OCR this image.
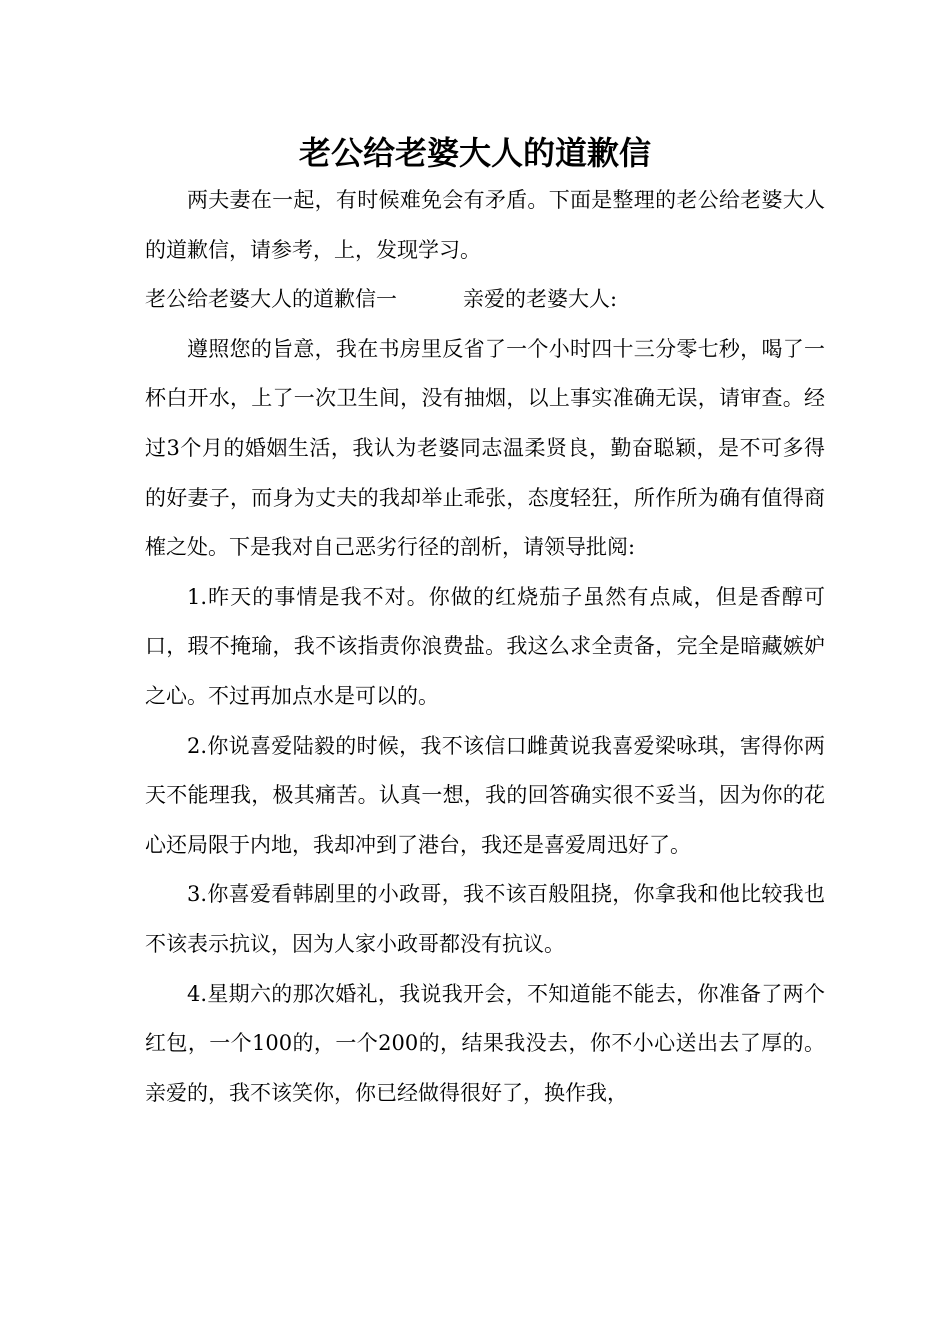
老公给老婆大人的道歉信

两夫妻在一起，有时候难免会有矛盾。下面是整理的老公给老婆大人的道歉信，请参考，上，发现学习。

老公给老婆大人的道歉信一	亲爱的老婆大人:

遵照您的旨意，我在书房里反省了一个小时四十三分零七秒，喝了一杯白开水，上了一次卫生间，没有抽烟，以上事实准确无误，请审查。经过3个月的婚姻生活，我认为老婆同志温柔贤良，勤奋聪颖，是不可多得的好妻子，而身为丈夫的我却举止乖张，态度轻狂，所作所为确有值得商榷之处。下是我对自己恶劣行径的剖析，请领导批阅:

1.昨天的事情是我不对。你做的红烧茄子虽然有点咸，但是香醇可口，瑕不掩瑜，我不该指责你浪费盐。我这么求全责备，完全是暗藏嫉妒之心。不过再加点水是可以的。

2.你说喜爱陆毅的时候，我不该信口雌黄说我喜爱梁咏琪，害得你两天不能理我，极其痛苦。认真一想，我的回答确实很不妥当，因为你的花心还局限于内地，我却冲到了港台，我还是喜爱周迅好了。

3.你喜爱看韩剧里的小政哥，我不该百般阻挠，你拿我和他比较我也不该表示抗议，因为人家小政哥都没有抗议。

4.星期六的那次婚礼，我说我开会，不知道能不能去，你准备了两个红包，一个100的，一个200的，结果我没去，你不小心送出去了厚的。亲爱的，我不该笑你，你已经做得很好了，换作我，
